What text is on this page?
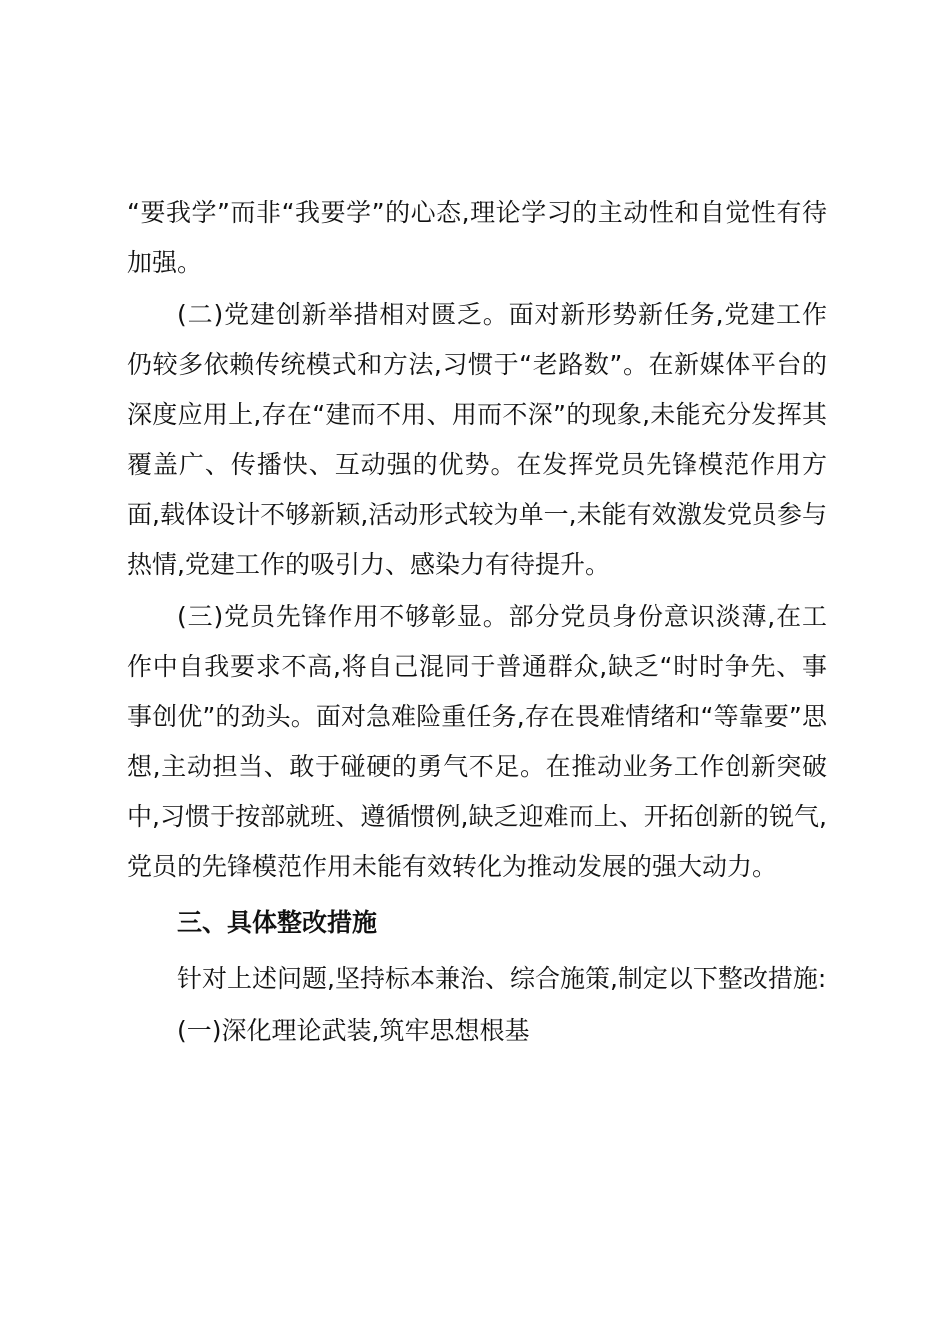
“要我学”而非“我要学”的心态,理论学习的主动性和自觉性有待加强。

(二)党建创新举措相对匮乏。面对新形势新任务,党建工作仍较多依赖传统模式和方法,习惯于“老路数”。在新媒体平台的深度应用上,存在“建而不用、用而不深”的现象,未能充分发挥其覆盖广、传播快、互动强的优势。在发挥党员先锋模范作用方面,载体设计不够新颖,活动形式较为单一,未能有效激发党员参与热情,党建工作的吸引力、感染力有待提升。

(三)党员先锋作用不够彰显。部分党员身份意识淡薄,在工作中自我要求不高,将自己混同于普通群众,缺乏“时时争先、事事创优”的劲头。面对急难险重任务,存在畏难情绪和“等靠要”思想,主动担当、敢于碰硬的勇气不足。在推动业务工作创新突破中,习惯于按部就班、遵循惯例,缺乏迎难而上、开拓创新的锐气,党员的先锋模范作用未能有效转化为推动发展的强大动力。

三、具体整改措施

针对上述问题,坚持标本兼治、综合施策,制定以下整改措施:

(一)深化理论武装,筑牢思想根基
